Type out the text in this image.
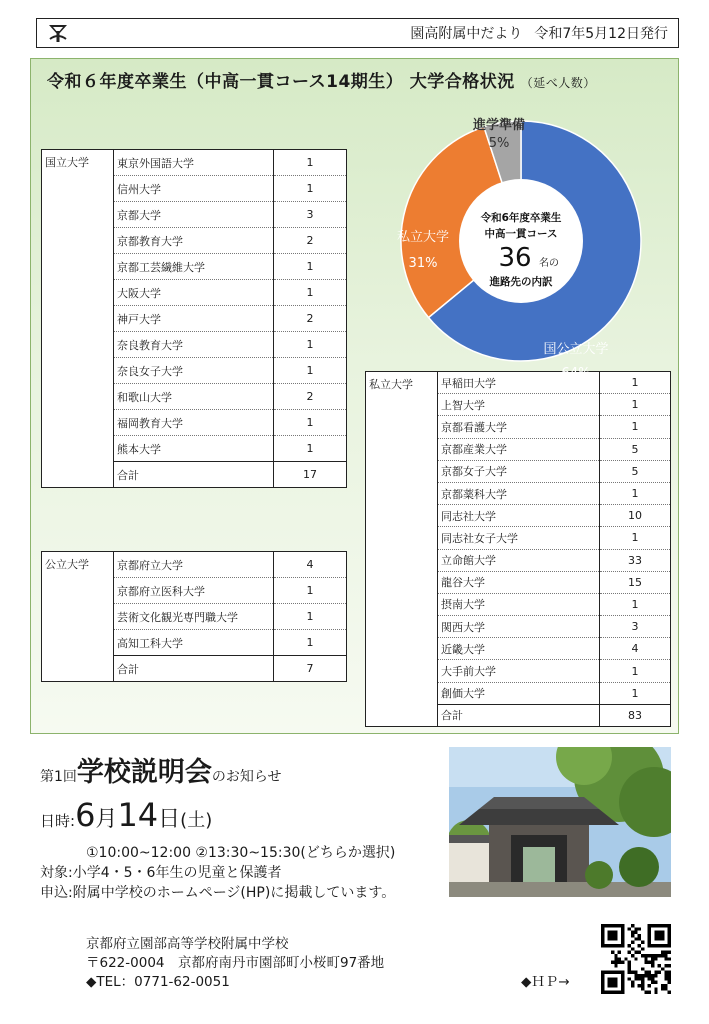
園高附属中だより 令和7年5月12日発行
令和６年度卒業生（中高一貫コース14期生） 大学合格状況 （延べ人数）
国立大学	東京外国語大学	1
	信州大学	1
	京都大学	3
	京都教育大学	2
	京都工芸繊維大学	1
	大阪大学	1
	神戸大学	2
	奈良教育大学	1
	奈良女子大学	1
	和歌山大学	2
	福岡教育大学	1
	熊本大学	1
	合計	17
公立大学	京都府立大学	4
	京都府立医科大学	1
	芸術文化観光専門職大学	1
	高知工科大学	1
	合計	7
私立大学	早稲田大学	1
	上智大学	1
	京都看護大学	1
	京都産業大学	5
	京都女子大学	5
	京都薬科大学	1
	同志社大学	10
	同志社女子大学	1
	立命館大学	33
	龍谷大学	15
	摂南大学	1
	関西大学	3
	近畿大学	4
	大手前大学	1
	創価大学	1
	合計	83
国公立大学
64%
私立大学
31%
進学準備
5%
令和6年度卒業生
中高一貫コース
36 名の
進路先の内訳
第1回学校説明会のお知らせ
日時:6月14日(土)
①10:00~12:00 ②13:30~15:30(どちらか選択)
対象:小学4・5・6年生の児童と保護者
申込:附属中学校のホームページ(HP)に掲載しています。
京都府立園部高等学校附属中学校
〒622-0004　京都府南丹市園部町小桜町97番地
◆TEL：0771-62-0051	◆ＨＰ→
